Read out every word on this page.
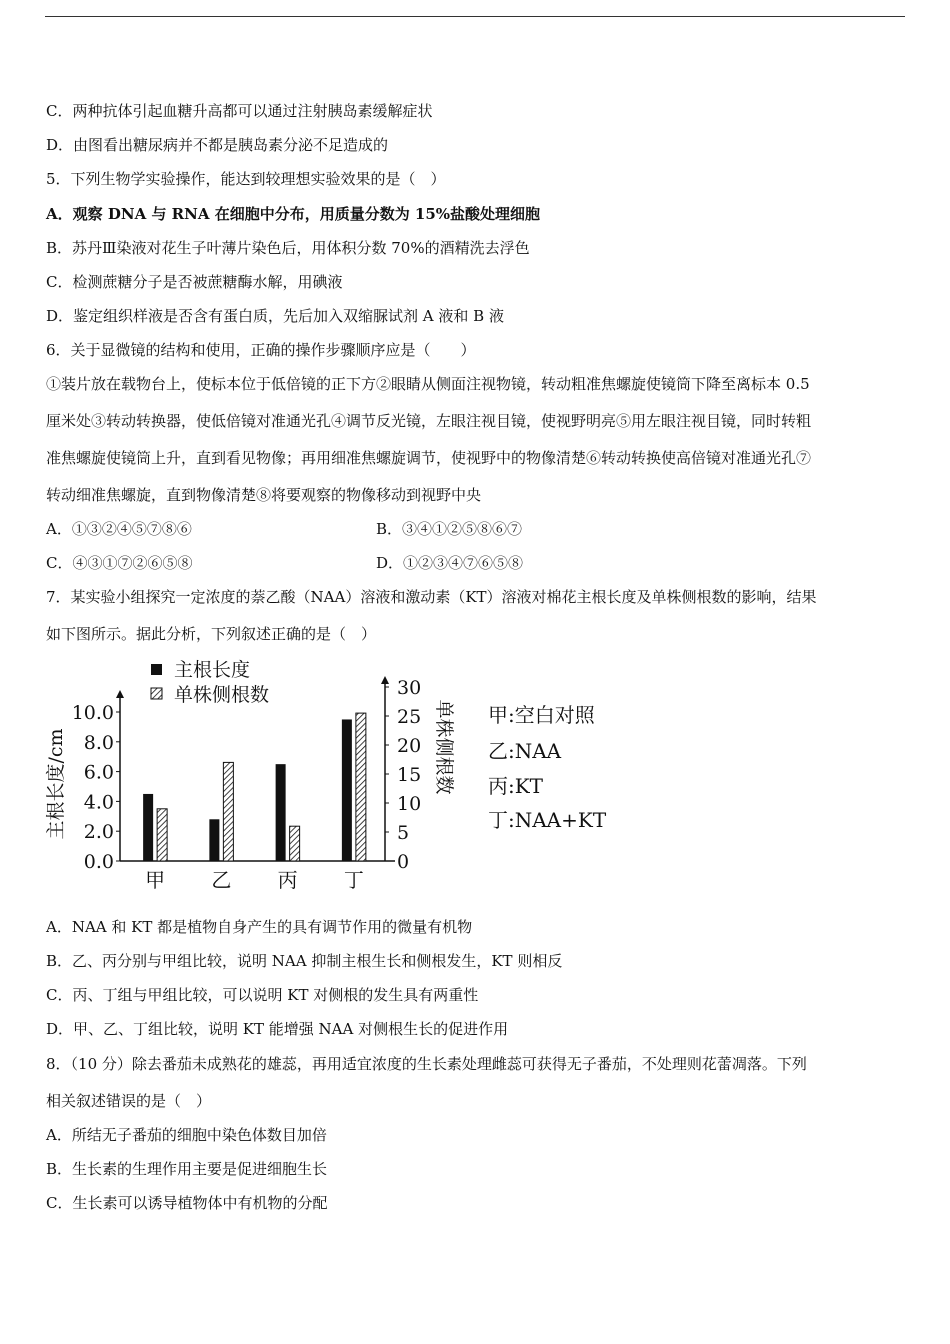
C．两种抗体引起血糖升高都可以通过注射胰岛素缓解症状
D．由图看出糖尿病并不都是胰岛素分泌不足造成的
5．下列生物学实验操作，能达到较理想实验效果的是（　）
A．观察 DNA 与 RNA 在细胞中分布，用质量分数为 15%盐酸处理细胞
B．苏丹Ⅲ染液对花生子叶薄片染色后，用体积分数 70%的酒精洗去浮色
C．检测蔗糖分子是否被蔗糖酶水解，用碘液
D．鉴定组织样液是否含有蛋白质，先后加入双缩脲试剂 A 液和 B 液
6．关于显微镜的结构和使用，正确的操作步骤顺序应是（　　）
①装片放在载物台上，使标本位于低倍镜的正下方②眼睛从侧面注视物镜，转动粗准焦螺旋使镜筒下降至离标本 0.5
厘米处③转动转换器，使低倍镜对准通光孔④调节反光镜，左眼注视目镜，使视野明亮⑤用左眼注视目镜，同时转粗
准焦螺旋使镜筒上升，直到看见物像；再用细准焦螺旋调节，使视野中的物像清楚⑥转动转换使高倍镜对准通光孔⑦
转动细准焦螺旋，直到物像清楚⑧将要观察的物像移动到视野中央
A．①③②④⑤⑦⑧⑥	B．③④①②⑤⑧⑥⑦
C．④③①⑦②⑥⑤⑧	D．①②③④⑦⑥⑤⑧
7．某实验小组探究一定浓度的萘乙酸（NAA）溶液和激动素（KT）溶液对棉花主根长度及单株侧根数的影响，结果
如下图所示。据此分析，下列叙述正确的是（　）
主根长度
单株侧根数
主根长度/cm	单株侧根数 甲:空白对照
乙:NAA
丙:KT
丁:NAA+KT
0.0
2.0
4.0
6.0
8.0
10.0
0
5
10
15
20
25
30
甲 乙 丙 丁
A．NAA 和 KT 都是植物自身产生的具有调节作用的微量有机物
B．乙、丙分别与甲组比较，说明 NAA 抑制主根生长和侧根发生，KT 则相反
C．丙、丁组与甲组比较，可以说明 KT 对侧根的发生具有两重性
D．甲、乙、丁组比较，说明 KT 能增强 NAA 对侧根生长的促进作用
8．（10 分）除去番茄未成熟花的雄蕊，再用适宜浓度的生长素处理雌蕊可获得无子番茄，不处理则花蕾凋落。下列
相关叙述错误的是（　）
A．所结无子番茄的细胞中染色体数目加倍
B．生长素的生理作用主要是促进细胞生长
C．生长素可以诱导植物体中有机物的分配
